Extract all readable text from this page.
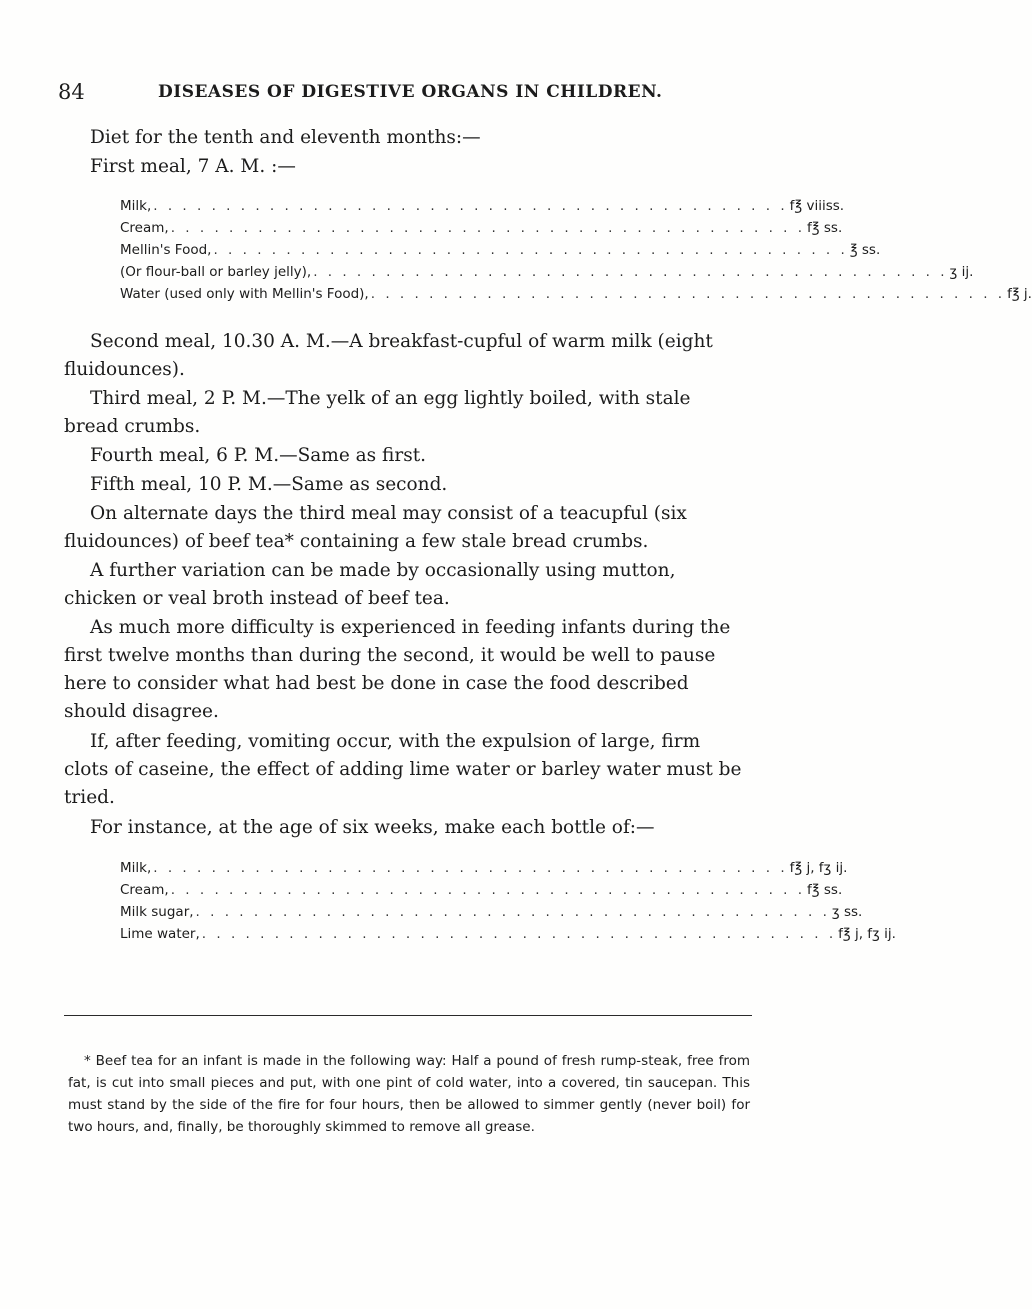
84	DISEASES OF DIGESTIVE ORGANS IN CHILDREN.

Diet for the tenth and eleventh months:—

First meal, 7 A. M. :—

Milk, . . . . . . . . . . . . . . . . . . . . . . . . . . . . . . . . . . . . . . . . . . . . f℥ viiiss.
Cream, . . . . . . . . . . . . . . . . . . . . . . . . . . . . . . . . . . . . . . . . . . . . f℥ ss.
Mellin's Food, . . . . . . . . . . . . . . . . . . . . . . . . . . . . . . . . . . . . . . . . . . . . ℥ ss.
(Or flour-ball or barley jelly), . . . . . . . . . . . . . . . . . . . . . . . . . . . . . . . . . . . . . . . . . . . . ʒ ij.
Water (used only with Mellin's Food), . . . . . . . . . . . . . . . . . . . . . . . . . . . . . . . . . . . . . . . . . . . . f℥ j.

Second meal, 10.30 A. M.—A breakfast-cupful of warm milk (eight fluidounces).

Third meal, 2 P. M.—The yelk of an egg lightly boiled, with stale bread crumbs.

Fourth meal, 6 P. M.—Same as first.

Fifth meal, 10 P. M.—Same as second.

On alternate days the third meal may consist of a teacupful (six fluidounces) of beef tea* containing a few stale bread crumbs.

A further variation can be made by occasionally using mutton, chicken or veal broth instead of beef tea.

As much more difficulty is experienced in feeding infants during the first twelve months than during the second, it would be well to pause here to consider what had best be done in case the food described should disagree.

If, after feeding, vomiting occur, with the expulsion of large, firm clots of caseine, the effect of adding lime water or barley water must be tried.

For instance, at the age of six weeks, make each bottle of:—

Milk, . . . . . . . . . . . . . . . . . . . . . . . . . . . . . . . . . . . . . . . . . . . . f℥ j, fʒ ij.
Cream, . . . . . . . . . . . . . . . . . . . . . . . . . . . . . . . . . . . . . . . . . . . . f℥ ss.
Milk sugar, . . . . . . . . . . . . . . . . . . . . . . . . . . . . . . . . . . . . . . . . . . . . ʒ ss.
Lime water, . . . . . . . . . . . . . . . . . . . . . . . . . . . . . . . . . . . . . . . . . . . . f℥ j, fʒ ij.

* Beef tea for an infant is made in the following way: Half a pound of fresh rump-steak, free from fat, is cut into small pieces and put, with one pint of cold water, into a covered, tin saucepan. This must stand by the side of the fire for four hours, then be allowed to simmer gently (never boil) for two hours, and, finally, be thoroughly skimmed to remove all grease.
